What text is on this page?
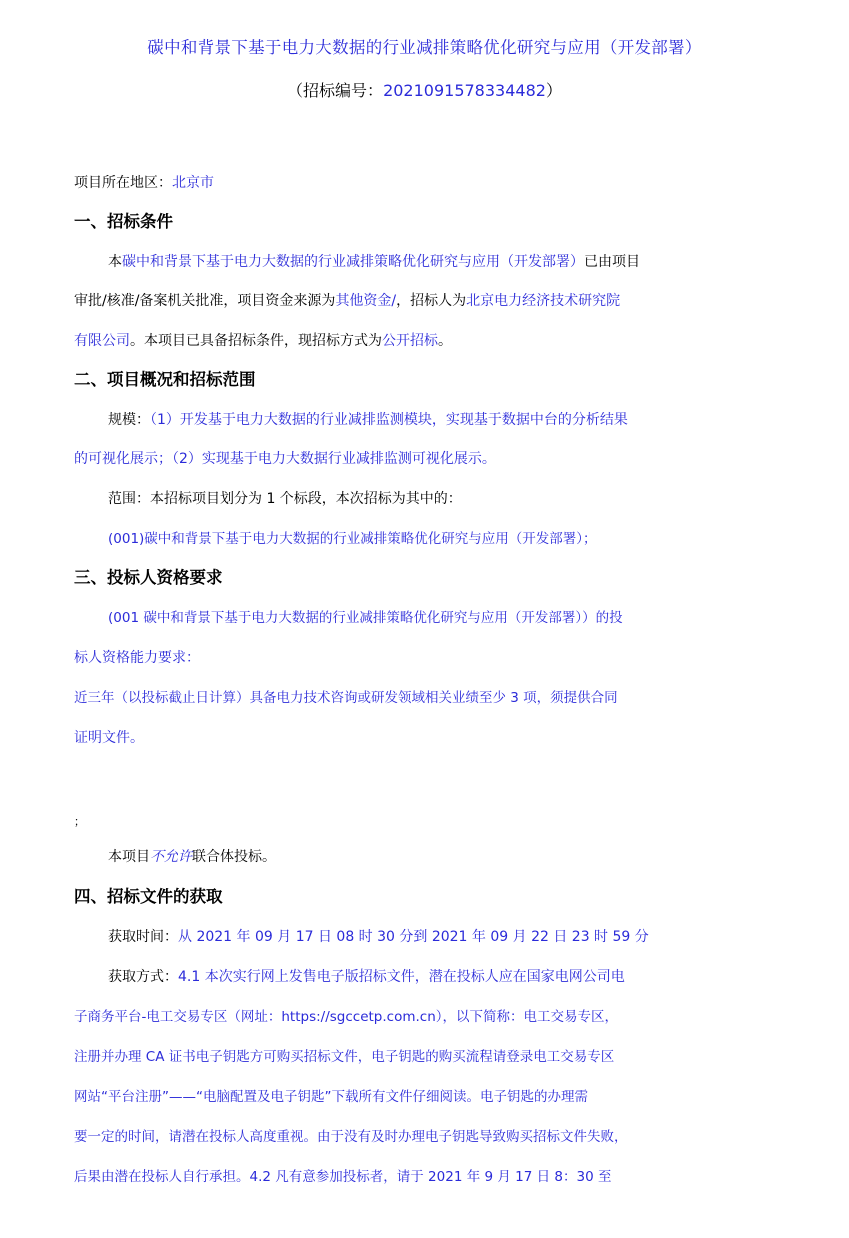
碳中和背景下基于电力大数据的行业减排策略优化研究与应用（开发部署）
（招标编号：2021091578334482）
项目所在地区：北京市
一、招标条件
本碳中和背景下基于电力大数据的行业减排策略优化研究与应用（开发部署）已由项目
审批/核准/备案机关批准，项目资金来源为其他资金/，招标人为北京电力经济技术研究院
有限公司。本项目已具备招标条件，现招标方式为公开招标。
二、项目概况和招标范围
规模：（1）开发基于电力大数据的行业减排监测模块，实现基于数据中台的分析结果
的可视化展示；（2）实现基于电力大数据行业减排监测可视化展示。
范围：本招标项目划分为 1 个标段，本次招标为其中的：
(001)碳中和背景下基于电力大数据的行业减排策略优化研究与应用（开发部署）；
三、投标人资格要求
(001 碳中和背景下基于电力大数据的行业减排策略优化研究与应用（开发部署））的投
标人资格能力要求：
近三年（以投标截止日计算）具备电力技术咨询或研发领域相关业绩至少 3 项，须提供合同
证明文件。
；
本项目不允许联合体投标。
四、招标文件的获取
获取时间：从 2021 年 09 月 17 日 08 时 30 分到 2021 年 09 月 22 日 23 时 59 分
获取方式：4.1 本次实行网上发售电子版招标文件，潜在投标人应在国家电网公司电
子商务平台-电工交易专区（网址：https://sgccetp.com.cn），以下简称：电工交易专区，
注册并办理 CA 证书电子钥匙方可购买招标文件，电子钥匙的购买流程请登录电工交易专区
网站“平台注册”——“电脑配置及电子钥匙”下载所有文件仔细阅读。电子钥匙的办理需
要一定的时间，请潜在投标人高度重视。由于没有及时办理电子钥匙导致购买招标文件失败，
后果由潜在投标人自行承担。4.2 凡有意参加投标者，请于 2021 年 9 月 17 日 8：30 至
